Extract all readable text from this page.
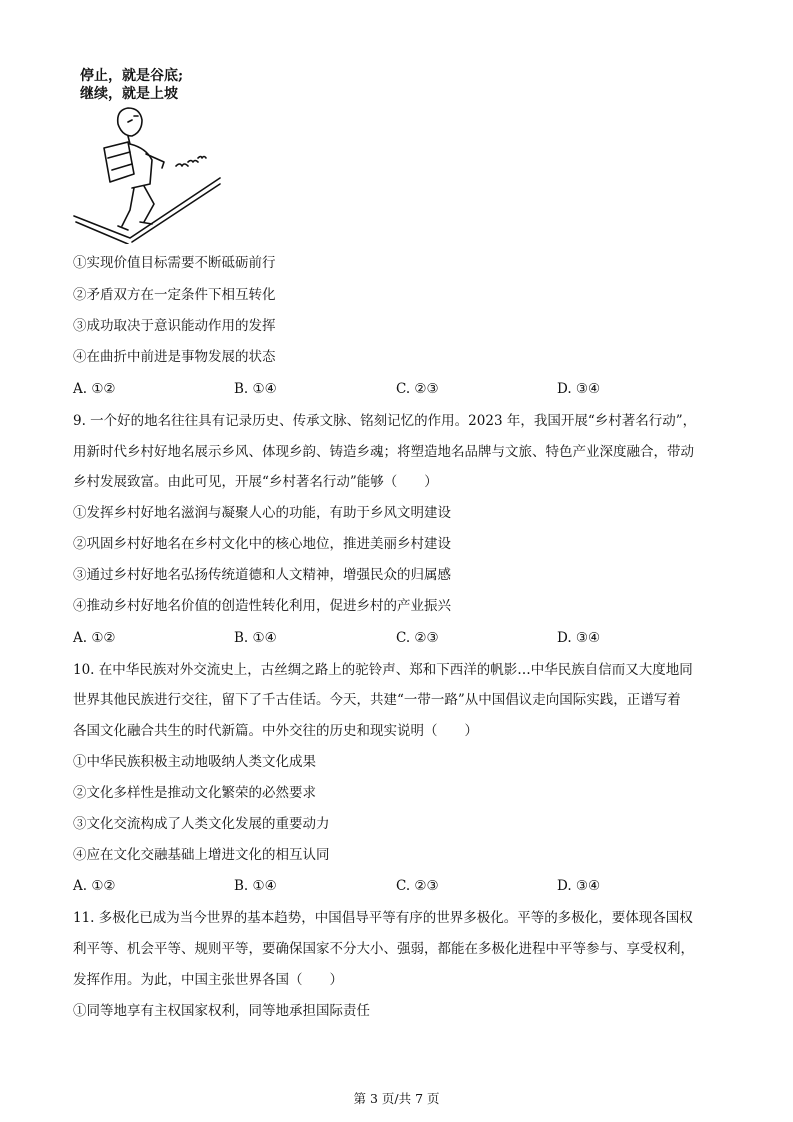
停止，就是谷底;
继续，就是上坡
①实现价值目标需要不断砥砺前行
②矛盾双方在一定条件下相互转化
③成功取决于意识能动作用的发挥
④在曲折中前进是事物发展的状态
A. ①②	B. ①④	C. ②③	D. ③④
9. 一个好的地名往往具有记录历史、传承文脉、铭刻记忆的作用。2023 年，我国开展“乡村著名行动”，
用新时代乡村好地名展示乡风、体现乡韵、铸造乡魂；将塑造地名品牌与文旅、特色产业深度融合，带动
乡村发展致富。由此可见，开展“乡村著名行动”能够（　　）
①发挥乡村好地名滋润与凝聚人心的功能，有助于乡风文明建设
②巩固乡村好地名在乡村文化中的核心地位，推进美丽乡村建设
③通过乡村好地名弘扬传统道德和人文精神，增强民众的归属感
④推动乡村好地名价值的创造性转化利用，促进乡村的产业振兴
A. ①②	B. ①④	C. ②③	D. ③④
10. 在中华民族对外交流史上，古丝绸之路上的驼铃声、郑和下西洋的帆影…中华民族自信而又大度地同
世界其他民族进行交往，留下了千古佳话。今天，共建“一带一路”从中国倡议走向国际实践，正谱写着
各国文化融合共生的时代新篇。中外交往的历史和现实说明（　　）
①中华民族积极主动地吸纳人类文化成果
②文化多样性是推动文化繁荣的必然要求
③文化交流构成了人类文化发展的重要动力
④应在文化交融基础上增进文化的相互认同
A. ①②	B. ①④	C. ②③	D. ③④
11. 多极化已成为当今世界的基本趋势，中国倡导平等有序的世界多极化。平等的多极化，要体现各国权
利平等、机会平等、规则平等，要确保国家不分大小、强弱，都能在多极化进程中平等参与、享受权利，
发挥作用。为此，中国主张世界各国（　　）
①同等地享有主权国家权利，同等地承担国际责任
第 3 页/共 7 页
